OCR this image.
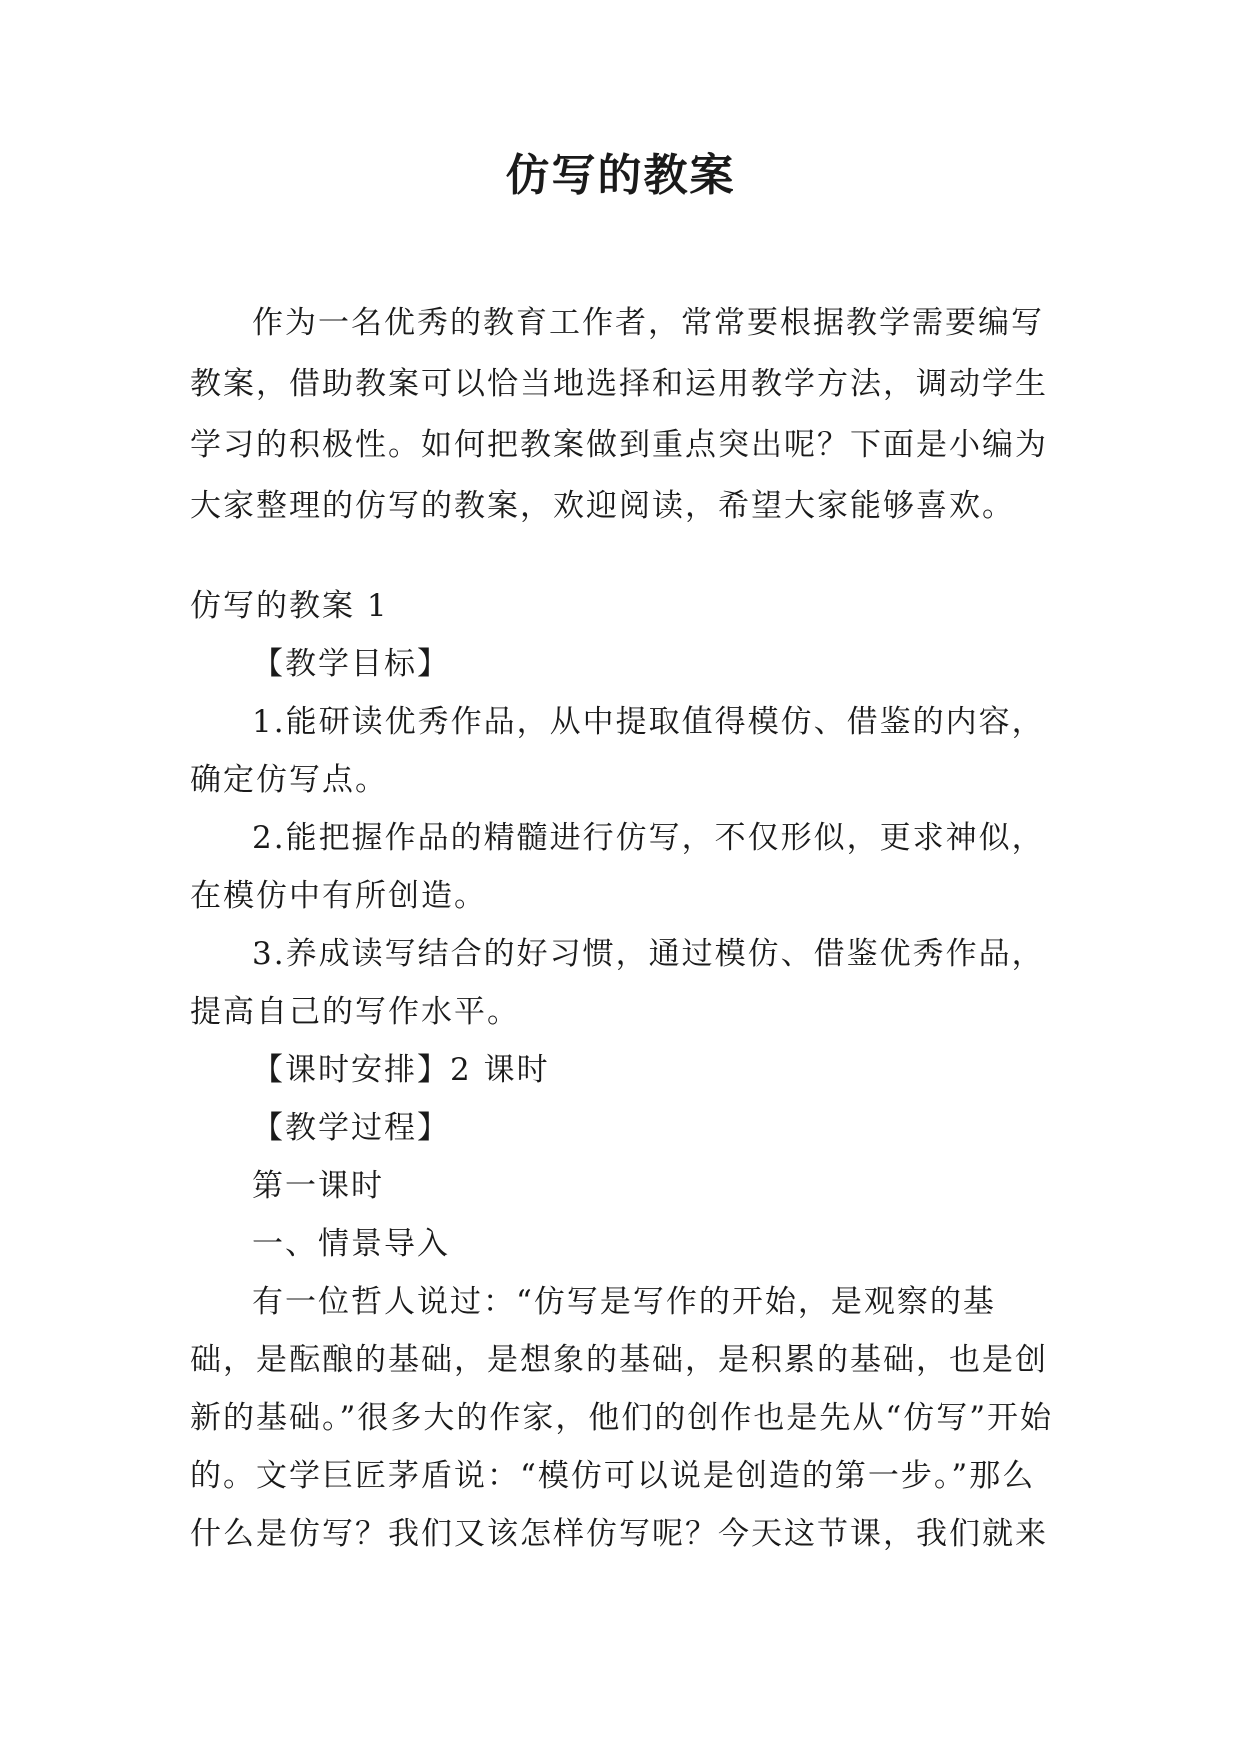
仿写的教案

作为一名优秀的教育工作者，常常要根据教学需要编写教案，借助教案可以恰当地选择和运用教学方法，调动学生学习的积极性。如何把教案做到重点突出呢？下面是小编为大家整理的仿写的教案，欢迎阅读，希望大家能够喜欢。

仿写的教案 1

【教学目标】

1.能研读优秀作品，从中提取值得模仿、借鉴的内容，确定仿写点。

2.能把握作品的精髓进行仿写，不仅形似，更求神似，在模仿中有所创造。

3.养成读写结合的好习惯，通过模仿、借鉴优秀作品，提高自己的写作水平。

【课时安排】2 课时

【教学过程】

第一课时

一、情景导入

有一位哲人说过：“仿写是写作的开始，是观察的基础，是酝酿的基础，是想象的基础，是积累的基础，也是创新的基础。”很多大的作家，他们的创作也是先从“仿写”开始的。文学巨匠茅盾说：“模仿可以说是创造的第一步。”那么什么是仿写？我们又该怎样仿写呢？今天这节课，我们就来
